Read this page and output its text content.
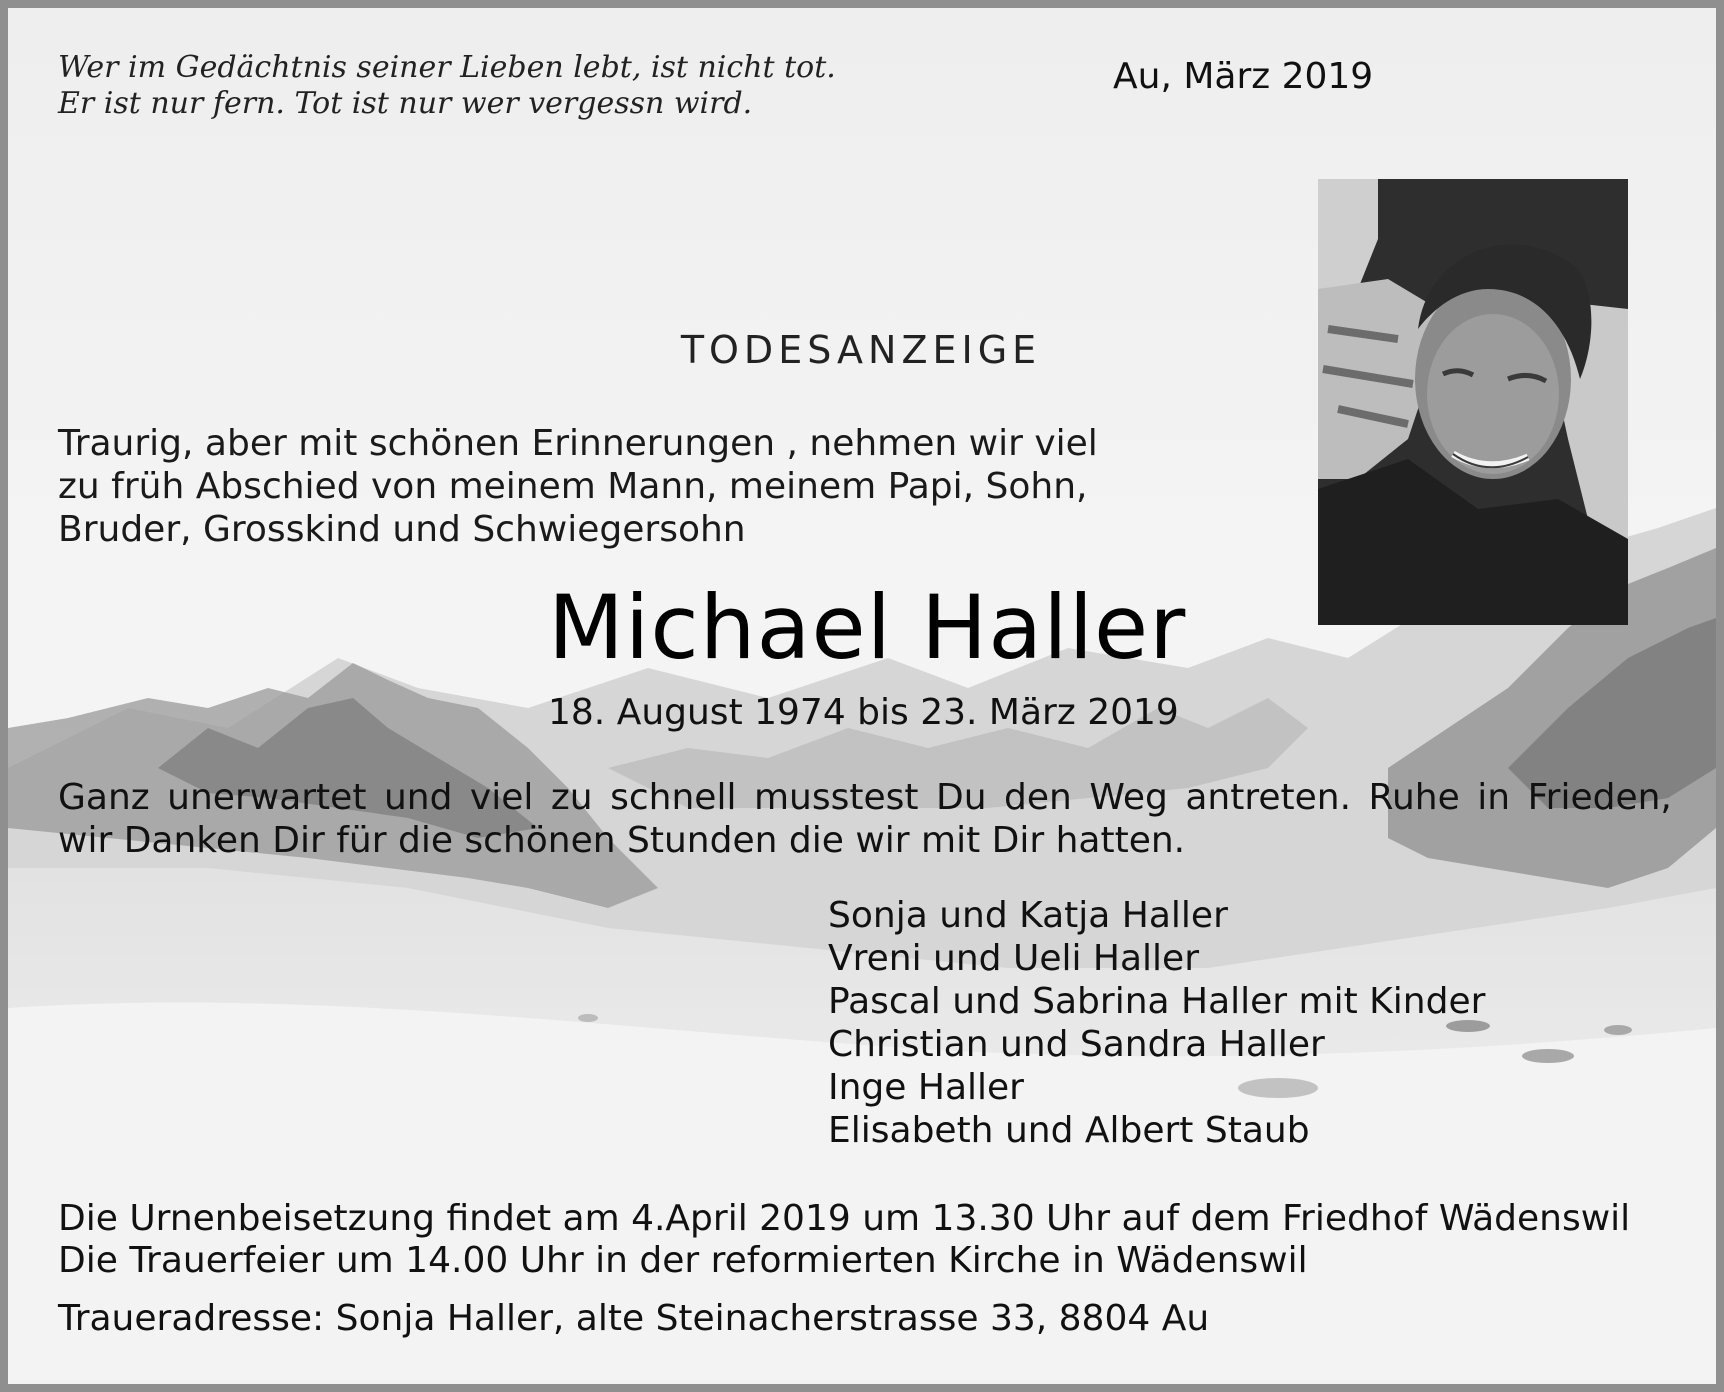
Wer im Gedächtnis seiner Lieben lebt, ist nicht tot.
Er ist nur fern. Tot ist nur wer vergessn wird.
Au, März 2019
TODESANZEIGE
Traurig, aber mit schönen Erinnerungen , nehmen wir viel
zu früh Abschied von meinem Mann, meinem Papi, Sohn,
Bruder, Grosskind und Schwiegersohn
Michael Haller
18. August 1974 bis 23. März 2019
Ganz unerwartet und viel zu schnell musstest Du den Weg antreten. Ruhe in Frieden,
wir Danken Dir für die schönen Stunden die wir mit Dir hatten.
Sonja und Katja Haller
Vreni und Ueli Haller
Pascal und Sabrina Haller mit Kinder
Christian und Sandra Haller
Inge Haller
Elisabeth und Albert Staub
Die Urnenbeisetzung findet am 4.April 2019 um 13.30 Uhr auf dem Friedhof Wädenswil
Die Trauerfeier um 14.00 Uhr in der reformierten Kirche in Wädenswil
Traueradresse: Sonja Haller, alte Steinacherstrasse 33, 8804 Au
